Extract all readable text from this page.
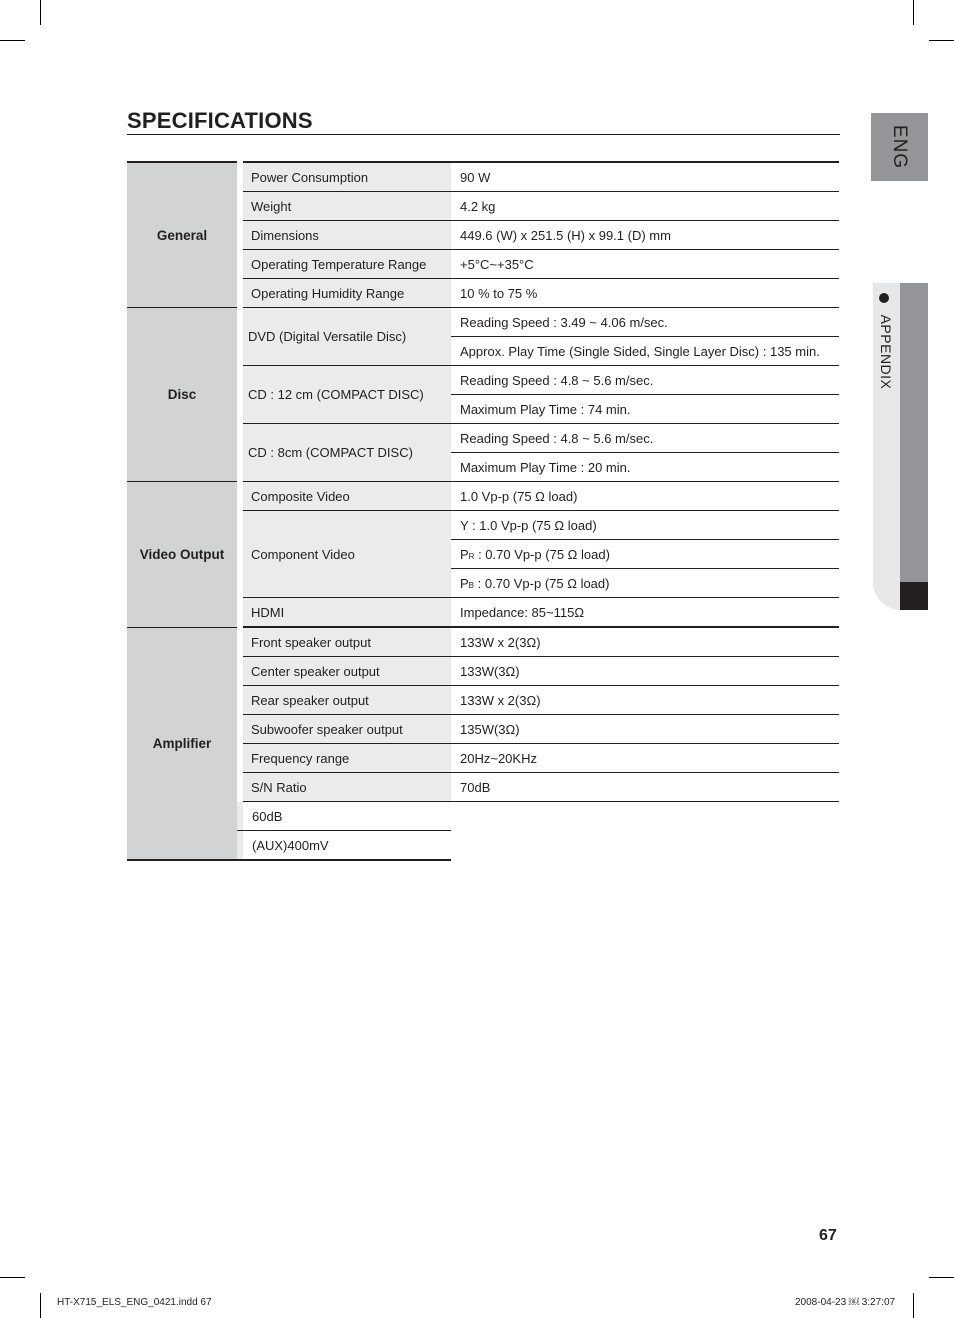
SPECIFICATIONS
ENG
APPENDIX
General		Power Consumption	90 W
		Weight	4.2 kg
		Dimensions	449.6 (W) x 251.5 (H) x 99.1 (D) mm
		Operating Temperature Range	+5°C~+35°C
		Operating Humidity Range	10 % to 75 %
Disc		DVD (Digital Versatile Disc)	Reading Speed : 3.49 ~ 4.06 m/sec.
			Approx. Play Time (Single Sided, Single Layer Disc) : 135 min.
		CD : 12 cm (COMPACT DISC)	Reading Speed : 4.8 ~ 5.6 m/sec.
			Maximum Play Time : 74 min.
		CD : 8cm (COMPACT DISC)	Reading Speed : 4.8 ~ 5.6 m/sec.
			Maximum Play Time : 20 min.
Video Output		Composite Video	1.0 Vp-p (75 Ω load)
		Component Video	Y : 1.0 Vp-p (75 Ω load)
			PR : 0.70 Vp-p (75 Ω load)
			PB : 0.70 Vp-p (75 Ω load)
		HDMI	Impedance: 85~115Ω
Amplifier		Front speaker output	133W x 2(3Ω)
		Center speaker output	133W(3Ω)
		Rear speaker output	133W x 2(3Ω)
		Subwoofer speaker output	135W(3Ω)
		Frequency range	20Hz~20KHz
		S/N Ratio	70dB
	60dB	
	(AUX)400mV	
67
HT-X715_ELS_ENG_0421.indd 67	2008-04-23 ￼ 3:27:07
